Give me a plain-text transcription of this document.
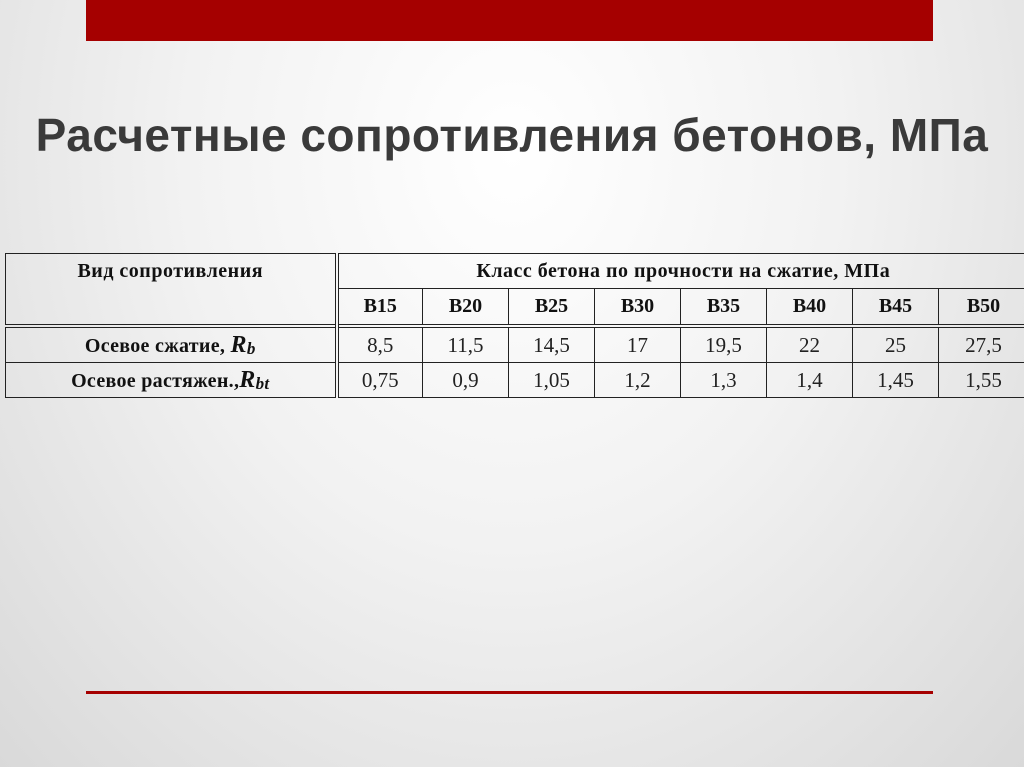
Расчетные сопротивления бетонов, МПа
Вид сопротивления	Класс бетона по прочности на сжатие, МПа							
	B15	B20	B25	B30	B35	B40	B45	B50
Осевое сжатие, Rb	8,5	11,5	14,5	17	19,5	22	25	27,5
Осевое растяжен.,Rbt	0,75	0,9	1,05	1,2	1,3	1,4	1,45	1,55
